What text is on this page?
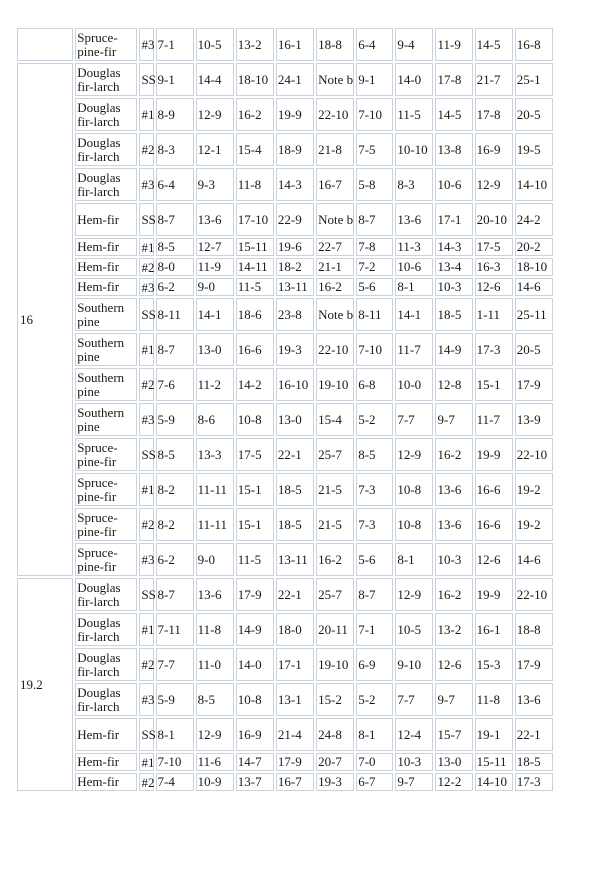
	Spruce-pine-fir	#3	7-1	10-5	13-2	16-1	18-8	6-4	9-4	11-9	14-5	16-8
16	Douglas fir-larch	SS	9-1	14-4	18-10	24-1	Note b	9-1	14-0	17-8	21-7	25-1
	Douglas fir-larch	#1	8-9	12-9	16-2	19-9	22-10	7-10	11-5	14-5	17-8	20-5
	Douglas fir-larch	#2	8-3	12-1	15-4	18-9	21-8	7-5	10-10	13-8	16-9	19-5
	Douglas fir-larch	#3	6-4	9-3	11-8	14-3	16-7	5-8	8-3	10-6	12-9	14-10
	Hem-fir	SS	8-7	13-6	17-10	22-9	Note b	8-7	13-6	17-1	20-10	24-2
	Hem-fir	#1	8-5	12-7	15-11	19-6	22-7	7-8	11-3	14-3	17-5	20-2
	Hem-fir	#2	8-0	11-9	14-11	18-2	21-1	7-2	10-6	13-4	16-3	18-10
	Hem-fir	#3	6-2	9-0	11-5	13-11	16-2	5-6	8-1	10-3	12-6	14-6
	Southern pine	SS	8-11	14-1	18-6	23-8	Note b	8-11	14-1	18-5	1-11	25-11
	Southern pine	#1	8-7	13-0	16-6	19-3	22-10	7-10	11-7	14-9	17-3	20-5
	Southern pine	#2	7-6	11-2	14-2	16-10	19-10	6-8	10-0	12-8	15-1	17-9
	Southern pine	#3	5-9	8-6	10-8	13-0	15-4	5-2	7-7	9-7	11-7	13-9
	Spruce-pine-fir	SS	8-5	13-3	17-5	22-1	25-7	8-5	12-9	16-2	19-9	22-10
	Spruce-pine-fir	#1	8-2	11-11	15-1	18-5	21-5	7-3	10-8	13-6	16-6	19-2
	Spruce-pine-fir	#2	8-2	11-11	15-1	18-5	21-5	7-3	10-8	13-6	16-6	19-2
	Spruce-pine-fir	#3	6-2	9-0	11-5	13-11	16-2	5-6	8-1	10-3	12-6	14-6
19.2	Douglas fir-larch	SS	8-7	13-6	17-9	22-1	25-7	8-7	12-9	16-2	19-9	22-10
	Douglas fir-larch	#1	7-11	11-8	14-9	18-0	20-11	7-1	10-5	13-2	16-1	18-8
	Douglas fir-larch	#2	7-7	11-0	14-0	17-1	19-10	6-9	9-10	12-6	15-3	17-9
	Douglas fir-larch	#3	5-9	8-5	10-8	13-1	15-2	5-2	7-7	9-7	11-8	13-6
	Hem-fir	SS	8-1	12-9	16-9	21-4	24-8	8-1	12-4	15-7	19-1	22-1
	Hem-fir	#1	7-10	11-6	14-7	17-9	20-7	7-0	10-3	13-0	15-11	18-5
	Hem-fir	#2	7-4	10-9	13-7	16-7	19-3	6-7	9-7	12-2	14-10	17-3
